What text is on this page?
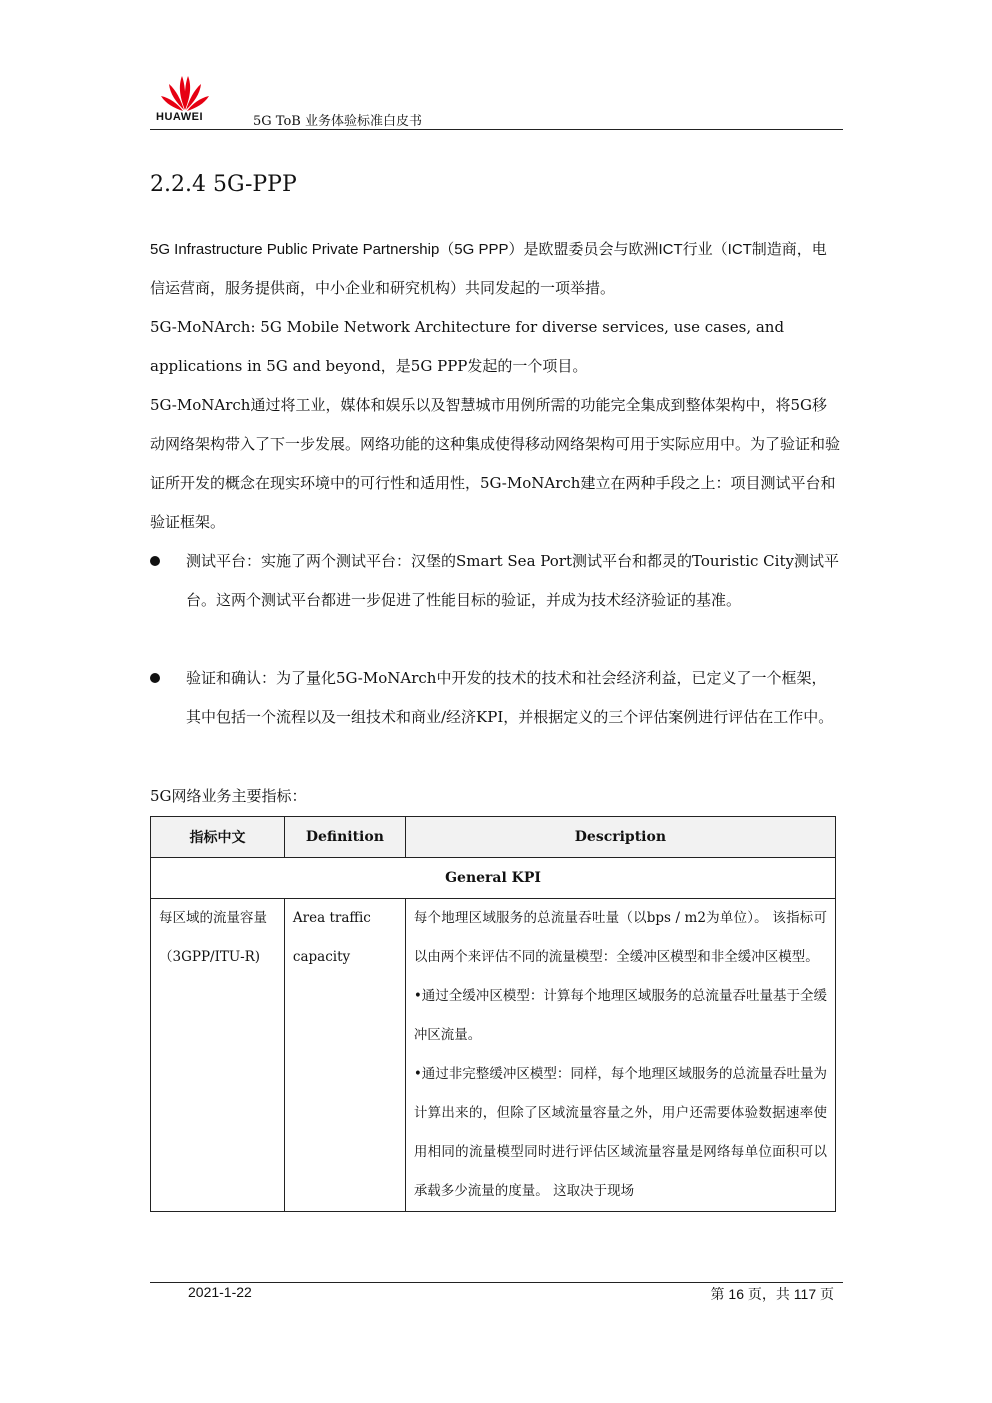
HUAWEI	5G ToB 业务体验标准白皮书
2.2.4 5G-PPP
5G Infrastructure Public Private Partnership（5G PPP）是欧盟委员会与欧洲ICT行业（ICT制造商，电信运营商，服务提供商，中小企业和研究机构）共同发起的一项举措。
5G-MoNArch: 5G Mobile Network Architecture for diverse services, use cases, and applications in 5G and beyond，是5G PPP发起的一个项目。
5G-MoNArch通过将工业，媒体和娱乐以及智慧城市用例所需的功能完全集成到整体架构中，将5G移动网络架构带入了下一步发展。网络功能的这种集成使得移动网络架构可用于实际应用中。为了验证和验证所开发的概念在现实环境中的可行性和适用性，5G-MoNArch建立在两种手段之上：项目测试平台和验证框架。
测试平台：实施了两个测试平台：汉堡的Smart Sea Port测试平台和都灵的Touristic City测试平台。这两个测试平台都进一步促进了性能目标的验证，并成为技术经济验证的基准。
验证和确认：为了量化5G-MoNArch中开发的技术的技术和社会经济利益，已定义了一个框架，其中包括一个流程以及一组技术和商业/经济KPI，并根据定义的三个评估案例进行评估在工作中。
5G网络业务主要指标：
指标中文	Definition	Description
General KPI		
每区域的流量容量（3GPP/ITU-R)	Area traffic capacity	每个地理区域服务的总流量吞吐量（以bps / m2为单位）。 该指标可以由两个来评估不同的流量模型：全缓冲区模型和非全缓冲区模型。

•通过全缓冲区模型：计算每个地理区域服务的总流量吞吐量基于全缓冲区流量。

•通过非完整缓冲区模型：同样，每个地理区域服务的总流量吞吐量为计算出来的，但除了区域流量容量之外，用户还需要体验数据速率使用相同的流量模型同时进行评估区域流量容量是网络每单位面积可以承载多少流量的度量。 这取决于现场

2021-1-22	第 16 页，共 117 页
